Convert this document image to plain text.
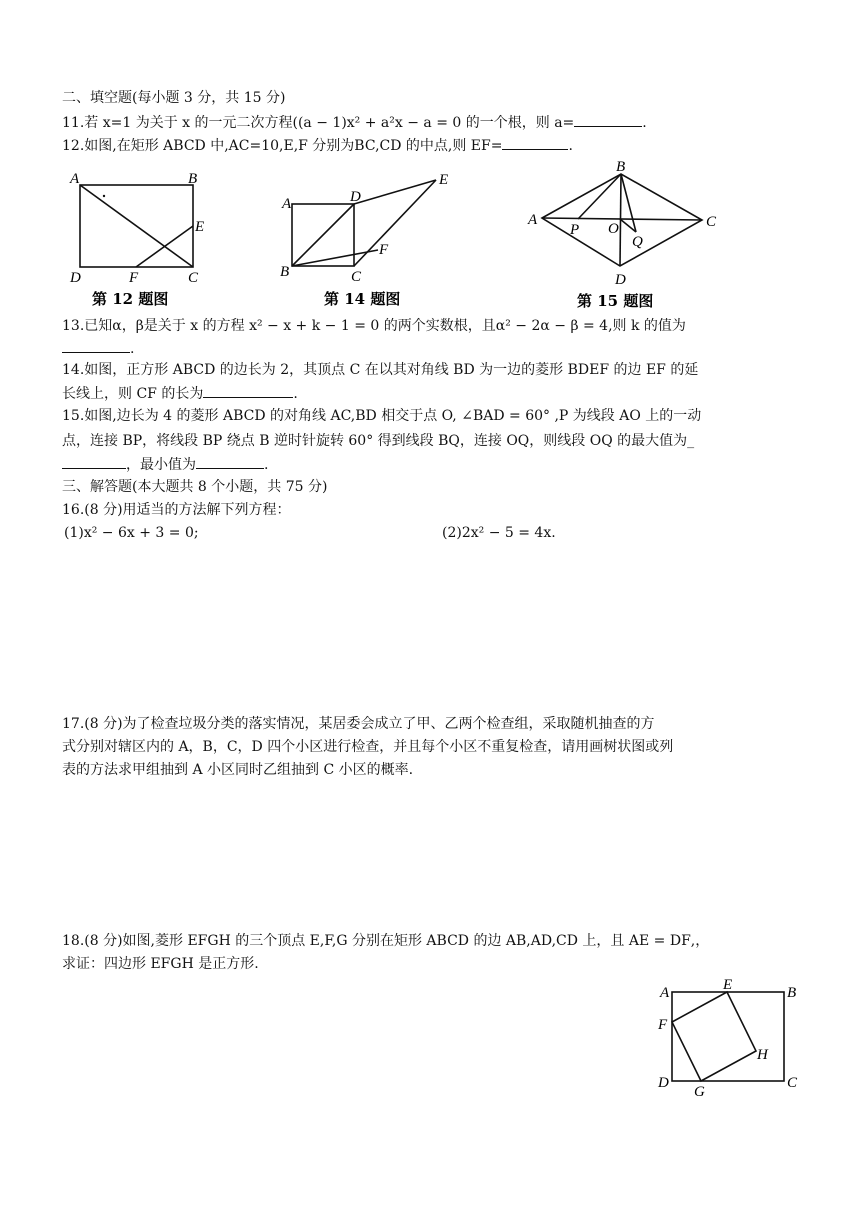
二、填空题(每小题 3 分，共 15 分)
11.若 x=1 为关于 x 的一元二次方程((a − 1)x² + a²x − a = 0 的一个根，则 a=	.
12.如图,在矩形 ABCD 中,AC=10,E,F 分别为BC,CD 的中点,则 EF=	.
A	B
E
D	F	C
第 12 题图
A	D
E
F
B	C
第 14 题图
A
B
C
D
P O
Q
第 15 题图
13.已知α，β是关于 x 的方程 x² − x + k − 1 = 0 的两个实数根，且α² − 2α − β = 4,则 k 的值为
.
14.如图，正方形 ABCD 的边长为 2，其顶点 C 在以其对角线 BD 为一边的菱形 BDEF 的边 EF 的延
长线上，则 CF 的长为	.
15.如图,边长为 4 的菱形 ABCD 的对角线 AC,BD 相交于点 O, ∠BAD = 60° ,P 为线段 AO 上的一动
点，连接 BP，将线段 BP 绕点 B 逆时针旋转 60° 得到线段 BQ，连接 OQ，则线段 OQ 的最大值为_
，最小值为	.
三、解答题(本大题共 8 个小题，共 75 分)
16.(8 分)用适当的方法解下列方程：
(1)x² − 6x + 3 = 0;	(2)2x² − 5 = 4x.
17.(8 分)为了检查垃圾分类的落实情况，某居委会成立了甲、乙两个检查组，采取随机抽查的方
式分别对辖区内的 A，B，C，D 四个小区进行检查，并且每个小区不重复检查，请用画树状图或列
表的方法求甲组抽到 A 小区同时乙组抽到 C 小区的概率.
18.(8 分)如图,菱形 EFGH 的三个顶点 E,F,G 分别在矩形 ABCD 的边 AB,AD,CD 上，且 AE = DF,，
求证：四边形 EFGH 是正方形.
A	E	B
F
H
D
G
C
